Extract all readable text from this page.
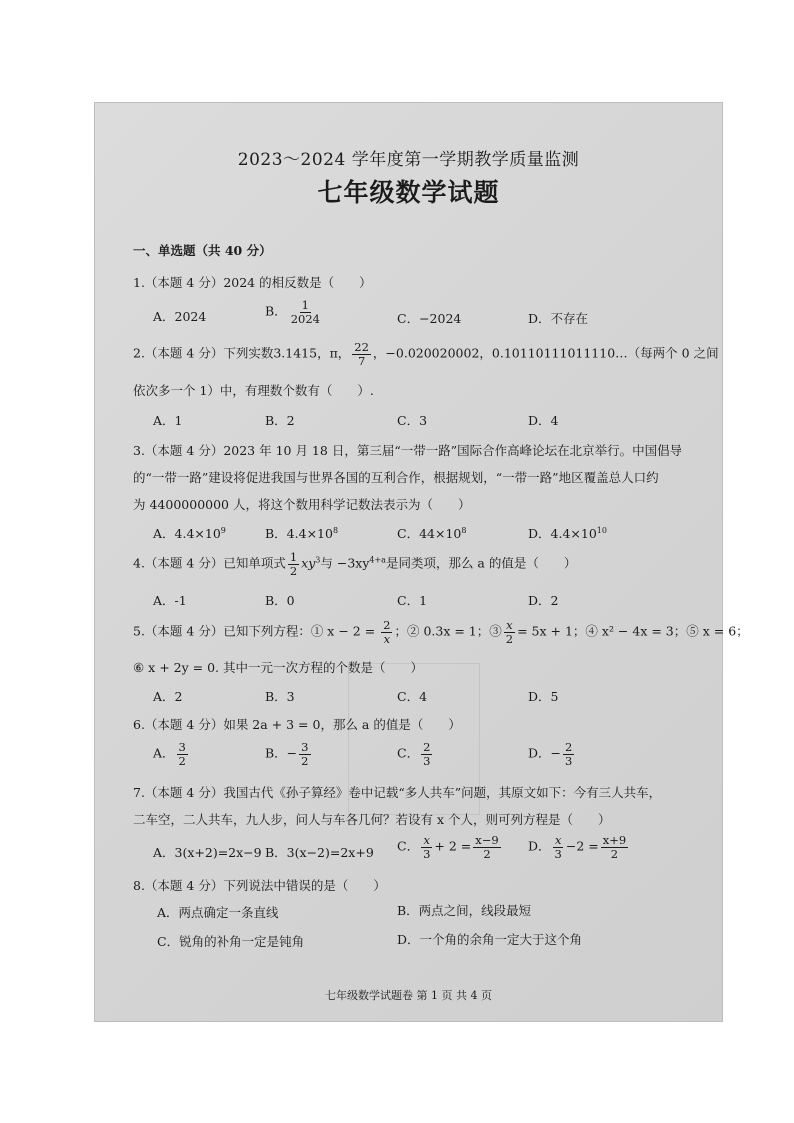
2023～2024 学年度第一学期教学质量监测
七年级数学试题
一、单选题（共 40 分）
1.（本题 4 分）2024 的相反数是（　　）
A．2024	B． $\frac{1}{2024}$	C．−2024	D．不存在
2.（本题 4 分）下列实数3.1415，π， $\frac{22}{7}$ ，−0.020020002，0.10110111011110…（每两个 0 之间
依次多一个 1）中，有理数个数有（　　）.
A．1	B．2	C．3	D．4
3.（本题 4 分）2023 年 10 月 18 日，第三届“一带一路”国际合作高峰论坛在北京举行。中国倡导
的“一带一路”建设将促进我国与世界各国的互利合作，根据规划，“一带一路”地区覆盖总人口约
为 4400000000 人，将这个数用科学记数法表示为（　　）
A．$4.4\times 10^9$	B．$4.4\times 10^8$	C．$44\times 10^8$	D．$4.4\times 10^{10}$
4.（本题 4 分）已知单项式 $\frac{1}{2} xy^3$与 $-3xy^{4+a}$是同类项，那么 a 的值是（　　）
A．-1	B．0	C．1	D．2
5.（本题 4 分）已知下列方程：① $x - 2 = \frac{2}{x}$ ；② 0.3x = 1；③ $\frac{x}{2} = 5x + 1$；④ x² − 4x = 3；⑤ x = 6；
⑥ x + 2y = 0. 其中一元一次方程的个数是（　　）
A．2	B．3	C．4	D．5
6.（本题 4 分）如果 2a + 3 = 0，那么 a 的值是（　　）
A． $\frac{3}{2}$	B．− $\frac{3}{2}$	C． $\frac{2}{3}$	D．− $\frac{2}{3}$
7.（本题 4 分）我国古代《孙子算经》卷中记载“多人共车”问题，其原文如下：今有三人共车，
二车空，二人共车，九人步，问人与车各几何？若设有 x 个人，则可列方程是（　　）
A．3(x+2)=2x−9 B．3(x−2)=2x+9 C． $\frac{x}{3} + 2 = \frac{x-9}{2}$ D． $\frac{x}{3} -2 = \frac{x+9}{2}$
8.（本题 4 分）下列说法中错误的是（　　）
A．两点确定一条直线	B．两点之间，线段最短
C．锐角的补角一定是钝角	D．一个角的余角一定大于这个角
七年级数学试题卷 第 1 页 共 4 页
